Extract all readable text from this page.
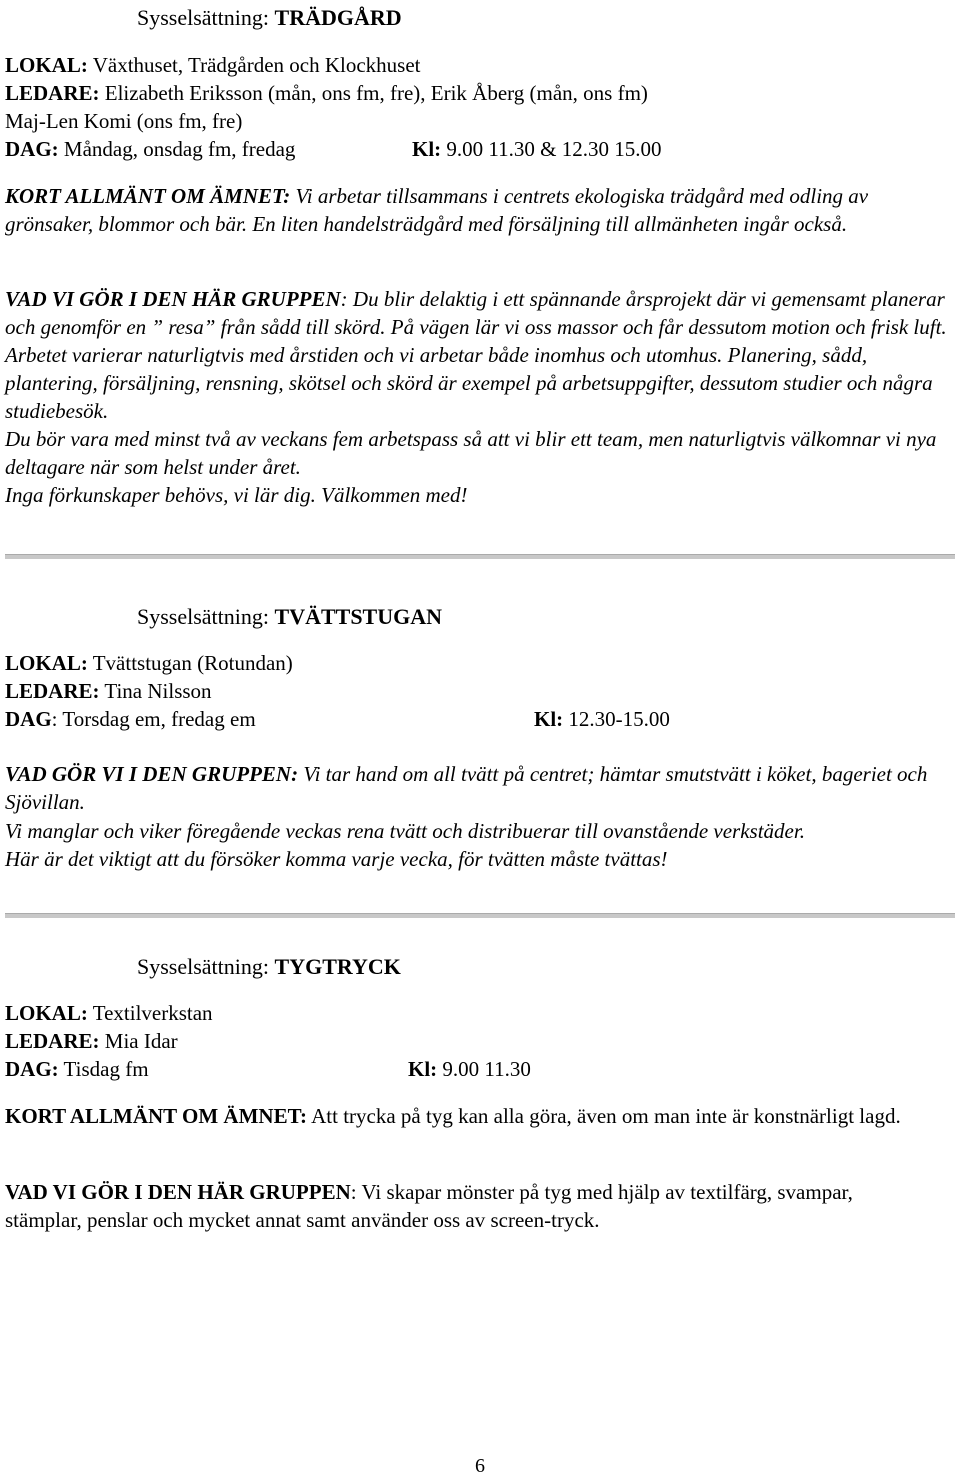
Sysselsättning: TRÄDGÅRD
LOKAL: Växthuset, Trädgården och Klockhuset
LEDARE: Elizabeth Eriksson (mån, ons fm, fre), Erik Åberg (mån, ons fm)
Maj-Len Komi (ons fm, fre)
DAG: Måndag, onsdag fm, fredag	Kl: 9.00 11.30 & 12.30 15.00
KORT ALLMÄNT OM ÄMNET: Vi arbetar tillsammans i centrets ekologiska trädgård med odling av grönsaker, blommor och bär. En liten handelsträdgård med försäljning till allmänheten ingår också.
VAD VI GÖR I DEN HÄR GRUPPEN: Du blir delaktig i ett spännande årsprojekt där vi gemensamt planerar och genomför en ” resa” från sådd till skörd. På vägen lär vi oss massor och får dessutom motion och frisk luft. Arbetet varierar naturligtvis med årstiden och vi arbetar både inomhus och utomhus. Planering, sådd, plantering, försäljning, rensning, skötsel och skörd är exempel på arbetsuppgifter, dessutom studier och några studiebesök.
Du bör vara med minst två av veckans fem arbetspass så att vi blir ett team, men naturligtvis välkomnar vi nya deltagare när som helst under året.
Inga förkunskaper behövs, vi lär dig. Välkommen med!
Sysselsättning: TVÄTTSTUGAN
LOKAL: Tvättstugan (Rotundan)
LEDARE: Tina Nilsson
DAG: Torsdag em, fredag em	Kl: 12.30-15.00
VAD GÖR VI I DEN GRUPPEN: Vi tar hand om all tvätt på centret; hämtar smutstvätt i köket, bageriet och Sjövillan.
Vi manglar och viker föregående veckas rena tvätt och distribuerar till ovanstående verkstäder.
Här är det viktigt att du försöker komma varje vecka, för tvätten måste tvättas!
Sysselsättning: TYGTRYCK
LOKAL: Textilverkstan
LEDARE: Mia Idar
DAG: Tisdag fm	Kl: 9.00 11.30
KORT ALLMÄNT OM ÄMNET: Att trycka på tyg kan alla göra, även om man inte är konstnärligt lagd.
VAD VI GÖR I DEN HÄR GRUPPEN: Vi skapar mönster på tyg med hjälp av textilfärg, svampar, stämplar, penslar och mycket annat samt använder oss av screen-tryck.
6
